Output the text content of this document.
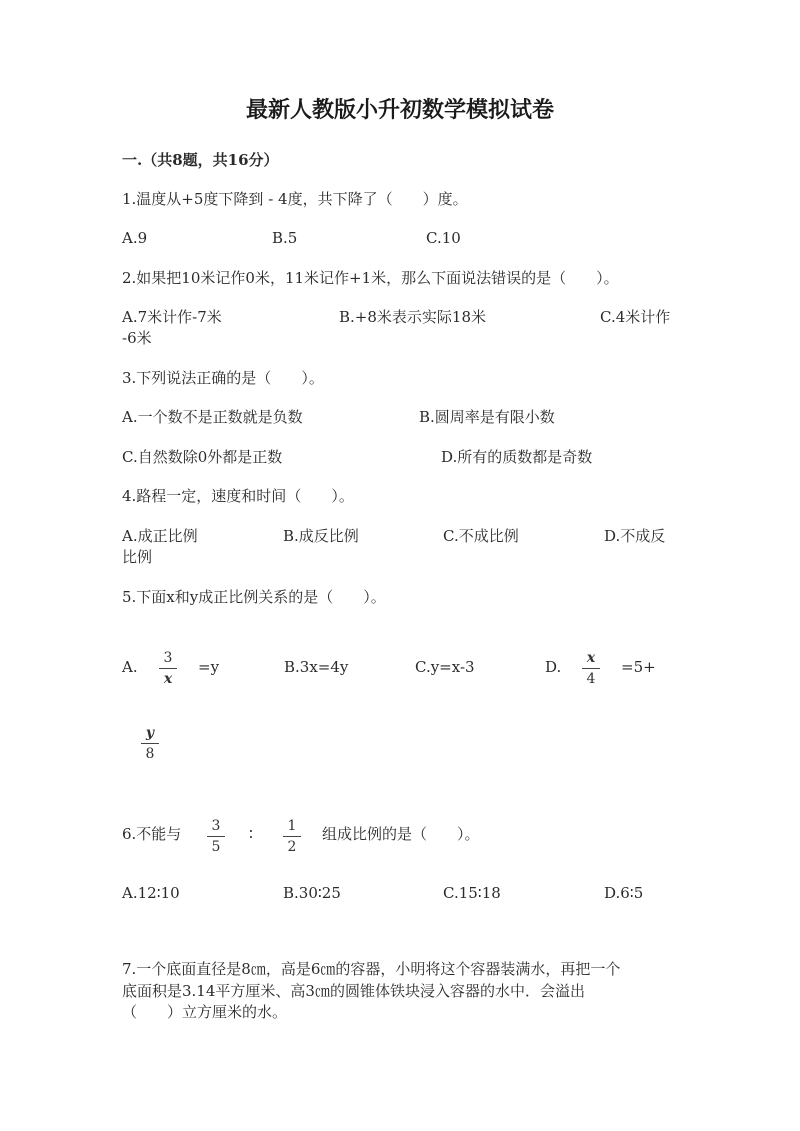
最新人教版小升初数学模拟试卷
一.（共8题，共16分）
1.温度从+5度下降到 - 4度，共下降了（　　）度。
A.9	B.5	C.10
2.如果把10米记作0米，11米记作+1米，那么下面说法错误的是（　　）。
A.7米计作-7米	B.+8米表示实际18米	C.4米计作
-6米
3.下列说法正确的是（　　）。
A.一个数不是正数就是负数	B.圆周率是有限小数
C.自然数除0外都是正数	D.所有的质数都是奇数
4.路程一定，速度和时间（　　）。
A.成正比例	B.成反比例	C.不成比例	D.不成反
比例
5.下面x和y成正比例关系的是（　　）。
A.	3
x
=y	B.3x=4y	C.y=x-3	D.	x
4
=5+
y
8
6.不能与	3
5
∶	1
2
组成比例的是（　　）。
A.12∶10	B.30∶25	C.15∶18	D.6∶5
7.一个底面直径是8㎝，高是6㎝的容器，小明将这个容器装满水，再把一个
底面积是3.14平方厘米、高3㎝的圆锥体铁块浸入容器的水中．会溢出
（　　）立方厘米的水。
